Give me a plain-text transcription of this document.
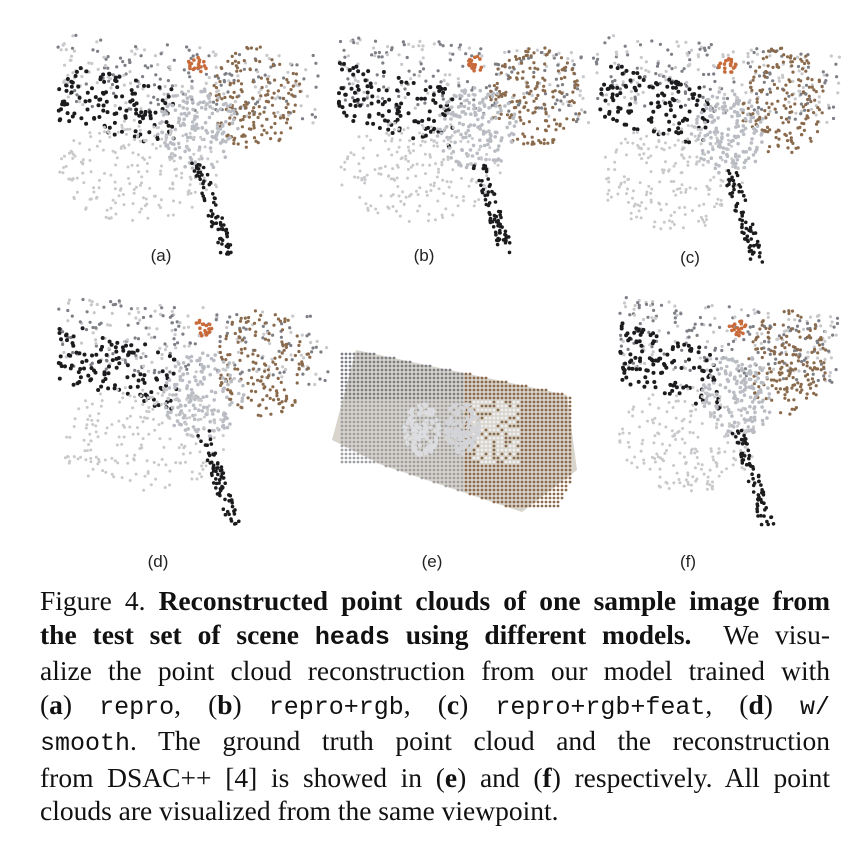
(a)	(b)	(c)
(d)	(e)	(f)
Figure 4. Reconstructed point clouds of one sample image from
the test set of scene heads using different models. We visu-
alize the point cloud reconstruction from our model trained with
(a) repro, (b) repro+rgb, (c) repro+rgb+feat, (d) w/
smooth. The ground truth point cloud and the reconstruction
from DSAC++ [4] is showed in (e) and (f) respectively. All point
clouds are visualized from the same viewpoint.
